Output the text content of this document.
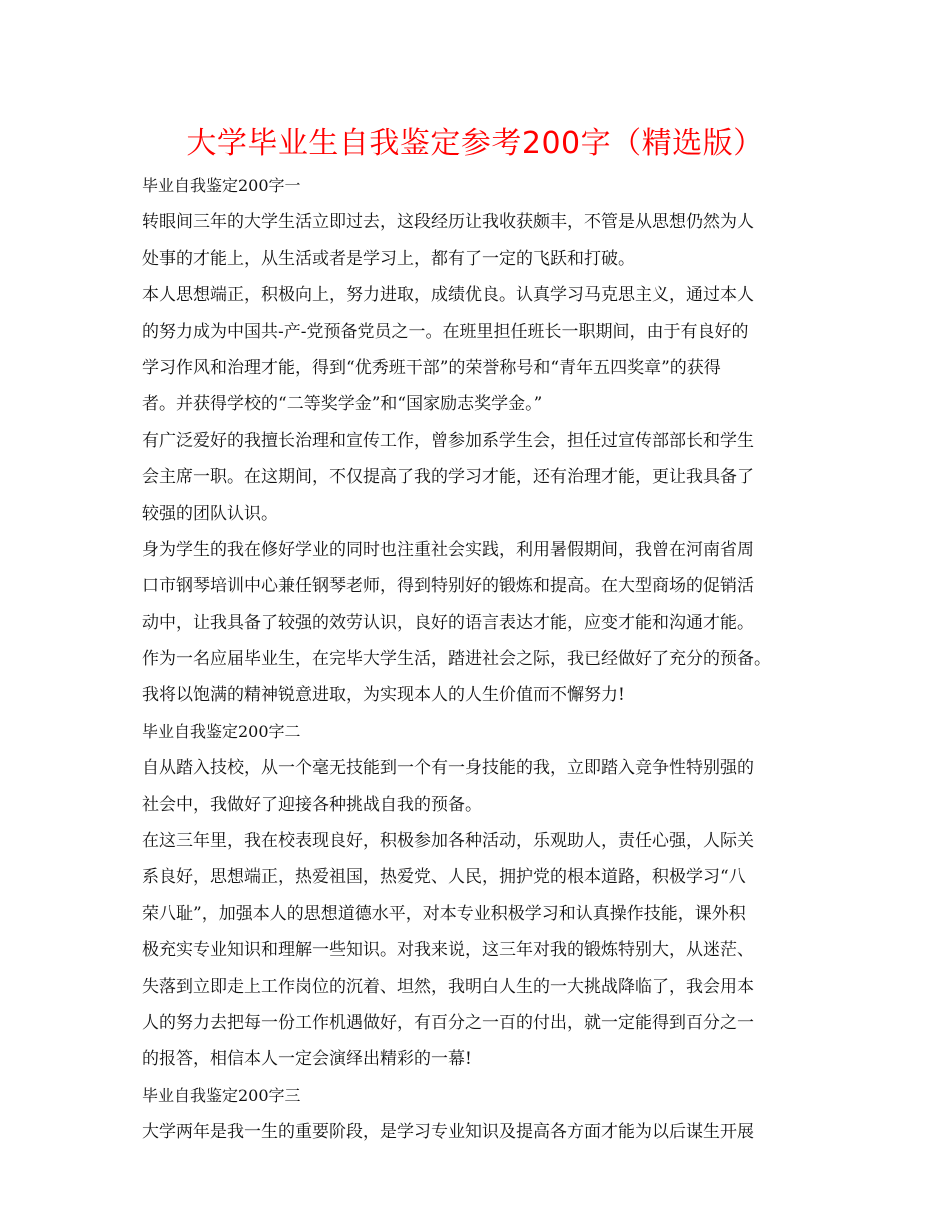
大学毕业生自我鉴定参考200字（精选版）
毕业自我鉴定200字一
转眼间三年的大学生活立即过去，这段经历让我收获颇丰，不管是从思想仍然为人
处事的才能上，从生活或者是学习上，都有了一定的飞跃和打破。
本人思想端正，积极向上，努力进取，成绩优良。认真学习马克思主义，通过本人
的努力成为中国共-产-党预备党员之一。在班里担任班长一职期间，由于有良好的
学习作风和治理才能，得到“优秀班干部”的荣誉称号和“青年五四奖章”的获得
者。并获得学校的“二等奖学金”和“国家励志奖学金。”
有广泛爱好的我擅长治理和宣传工作，曾参加系学生会，担任过宣传部部长和学生
会主席一职。在这期间，不仅提高了我的学习才能，还有治理才能，更让我具备了
较强的团队认识。
身为学生的我在修好学业的同时也注重社会实践，利用暑假期间，我曾在河南省周
口市钢琴培训中心兼任钢琴老师，得到特别好的锻炼和提高。在大型商场的促销活
动中，让我具备了较强的效劳认识，良好的语言表达才能，应变才能和沟通才能。
作为一名应届毕业生，在完毕大学生活，踏进社会之际，我已经做好了充分的预备。
我将以饱满的精神锐意进取，为实现本人的人生价值而不懈努力!
毕业自我鉴定200字二
自从踏入技校，从一个毫无技能到一个有一身技能的我，立即踏入竞争性特别强的
社会中，我做好了迎接各种挑战自我的预备。
在这三年里，我在校表现良好，积极参加各种活动，乐观助人，责任心强，人际关
系良好，思想端正，热爱祖国，热爱党、人民，拥护党的根本道路，积极学习“八
荣八耻”，加强本人的思想道德水平，对本专业积极学习和认真操作技能，课外积
极充实专业知识和理解一些知识。对我来说，这三年对我的锻炼特别大，从迷茫、
失落到立即走上工作岗位的沉着、坦然，我明白人生的一大挑战降临了，我会用本
人的努力去把每一份工作机遇做好，有百分之一百的付出，就一定能得到百分之一
的报答，相信本人一定会演绎出精彩的一幕!
毕业自我鉴定200字三
大学两年是我一生的重要阶段，是学习专业知识及提高各方面才能为以后谋生开展
